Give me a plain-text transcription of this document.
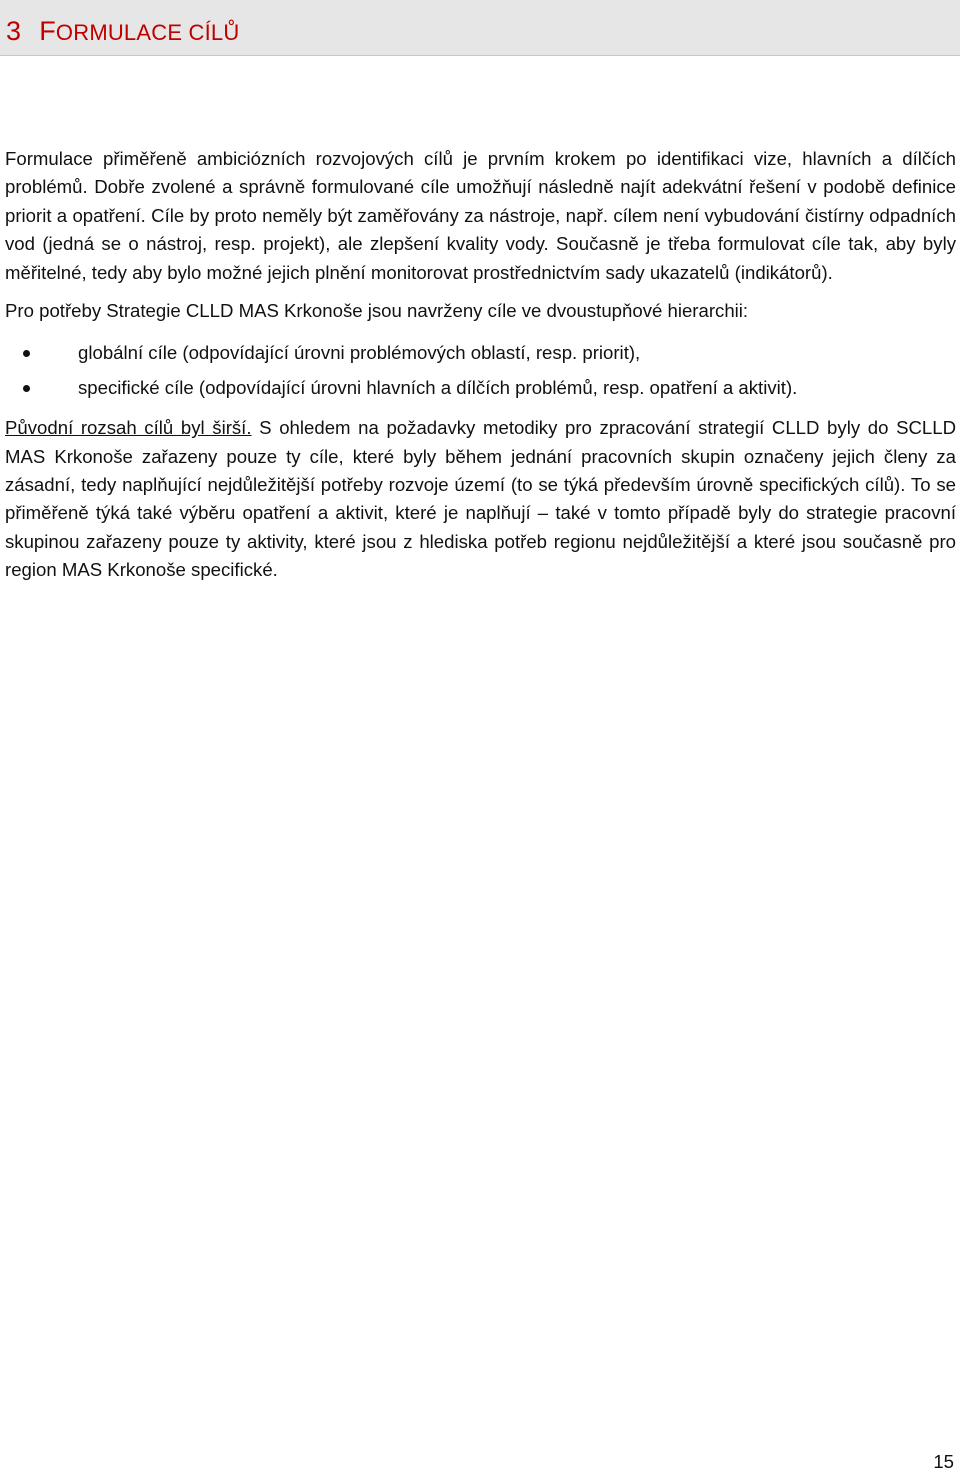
3 FORMULACE CÍLŮ

Formulace přiměřeně ambiciózních rozvojových cílů je prvním krokem po identifikaci vize, hlavních a dílčích problémů. Dobře zvolené a správně formulované cíle umožňují následně najít adekvátní řešení v podobě definice priorit a opatření. Cíle by proto neměly být zaměřovány za nástroje, např. cílem není vybudování čistírny odpadních vod (jedná se o nástroj, resp. projekt), ale zlepšení kvality vody. Současně je třeba formulovat cíle tak, aby byly měřitelné, tedy aby bylo možné jejich plnění monitorovat prostřednictvím sady ukazatelů (indikátorů).

Pro potřeby Strategie CLLD MAS Krkonoše jsou navrženy cíle ve dvoustupňové hierarchii:

globální cíle (odpovídající úrovni problémových oblastí, resp. priorit),
specifické cíle (odpovídající úrovni hlavních a dílčích problémů, resp. opatření a aktivit).

Původní rozsah cílů byl širší. S ohledem na požadavky metodiky pro zpracování strategií CLLD byly do SCLLD MAS Krkonoše zařazeny pouze ty cíle, které byly během jednání pracovních skupin označeny jejich členy za zásadní, tedy naplňující nejdůležitější potřeby rozvoje území (to se týká především úrovně specifických cílů). To se přiměřeně týká také výběru opatření a aktivit, které je naplňují – také v tomto případě byly do strategie pracovní skupinou zařazeny pouze ty aktivity, které jsou z hlediska potřeb regionu nejdůležitější a které jsou současně pro region MAS Krkonoše specifické.

15
